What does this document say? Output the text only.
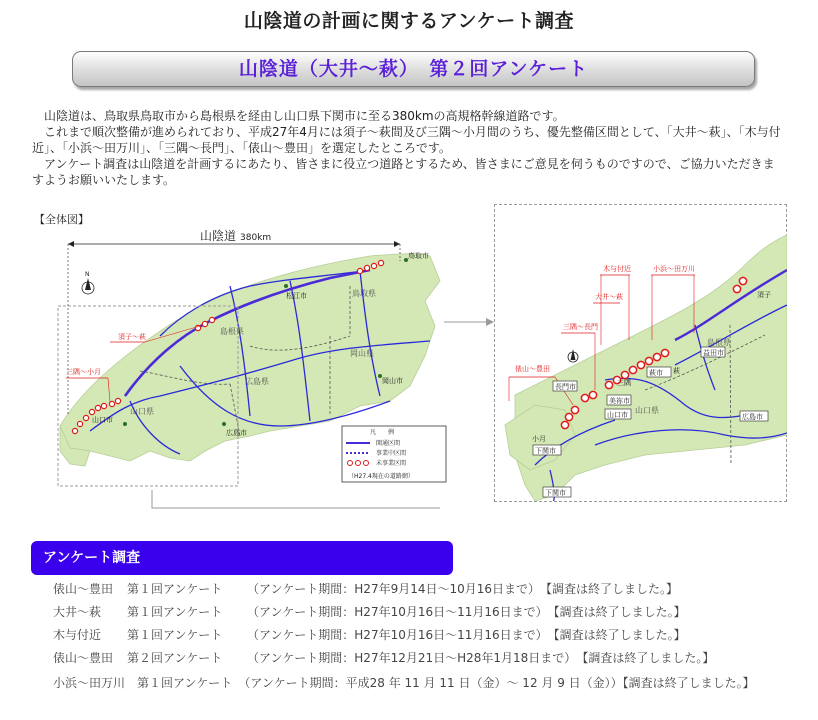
山陰道の計画に関するアンケート調査
山陰道（大井～萩）　第２回アンケート

山陰道は、鳥取県鳥取市から島根県を経由し山口県下関市に至る380kmの高規格幹線道路です。

これまで順次整備が進められており、平成27年4月には須子～萩間及び三隅～小月間のうち、優先整備区間として、「大井～萩」、「木与付近」、「小浜～田万川」、「三隅～長門」、「俵山～豊田」を選定したところです。

アンケート調査は山陰道を計画するにあたり、皆さまに役立つ道路とするため、皆さまにご意見を伺うものですので、ご協力いただきますようお願いいたします。

【全体図】
山陰道 380km
N
島根県
鳥取県
岡山県
広島県
山口県
鳥取市
松江市
岡山市
広島市
山口市
須子～萩
三隅～小月
凡　　例
開通区間
事業中区間
未事業区間
（H27.4現在の道路網）
木与付近	小浜～田万川
大井～萩
三隅～長門
俵山～豊田
島根県
山口県
益田市
萩市
長門市
美祢市
山口市
下関市
下関市
広島市
小月
萩
三隅
須子
アンケート調査
俵山～豊田 第１回アンケート （アンケート期間：H27年9月14日～10月16日まで）【調査は終了しました。】
大井～萩 第１回アンケート （アンケート期間：H27年10月16日～11月16日まで）【調査は終了しました。】
木与付近 第１回アンケート （アンケート期間：H27年10月16日～11月16日まで）【調査は終了しました。】
俵山～豊田 第２回アンケート （アンケート期間：H27年12月21日～H28年1月18日まで）【調査は終了しました。】
小浜～田万川　 第１回アンケート　 （アンケート期間：平成28 年 11 月 11 日（金）～ 12 月 9 日（金））【調査は終了しました。】
